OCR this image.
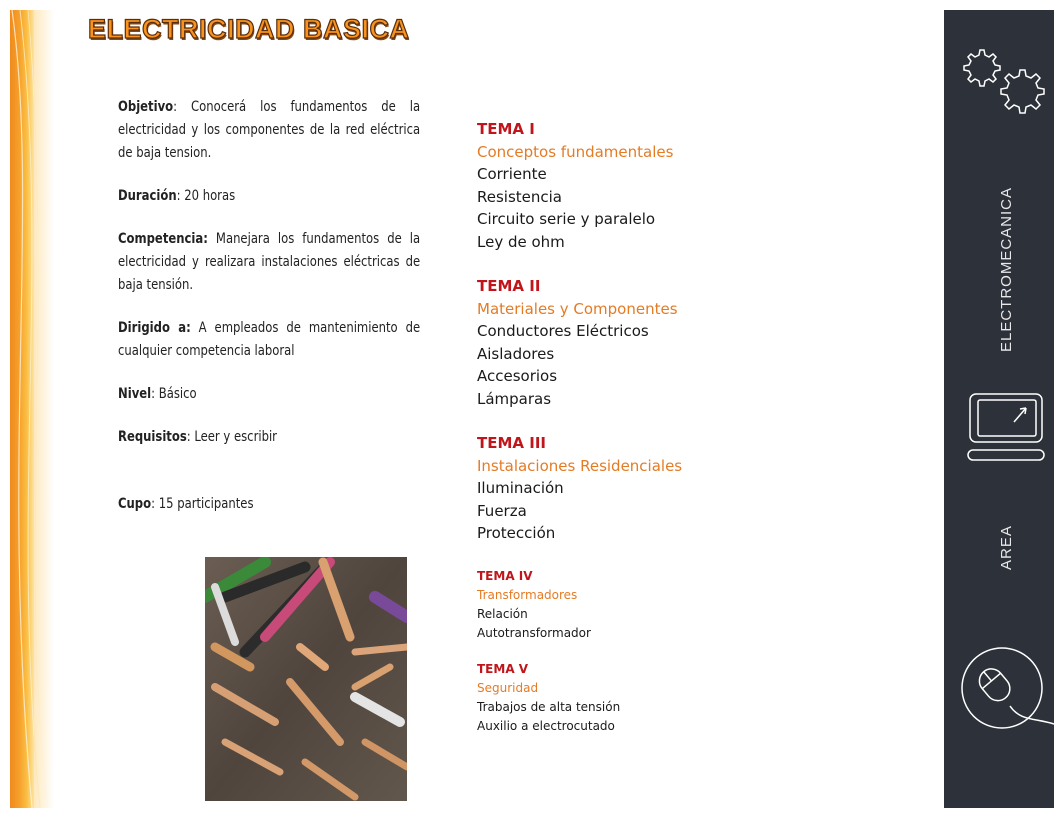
ELECTRICIDAD BASICA

Objetivo: Conocerá los fundamentos de la electricidad y los componentes de la red eléctrica de baja tension.

Duración: 20 horas

Competencia: Manejara los fundamentos de la electricidad y realizara instalaciones eléctricas de baja tensión.

Dirigido a: A empleados de mantenimiento de cualquier competencia laboral

Nivel: Básico

Requisitos: Leer y escribir

Cupo: 15 participantes

TEMA I
Conceptos fundamentales
Corriente
Resistencia
Circuito serie y paralelo
Ley de ohm
TEMA II
Materiales y Componentes
Conductores Eléctricos
Aisladores
Accesorios
Lámparas
TEMA III
Instalaciones Residenciales
Iluminación
Fuerza
Protección
TEMA IV
Transformadores
Relación
Autotransformador
TEMA V
Seguridad
Trabajos de alta tensión
Auxilio a electrocutado
ELECTROMECANICA
AREA
